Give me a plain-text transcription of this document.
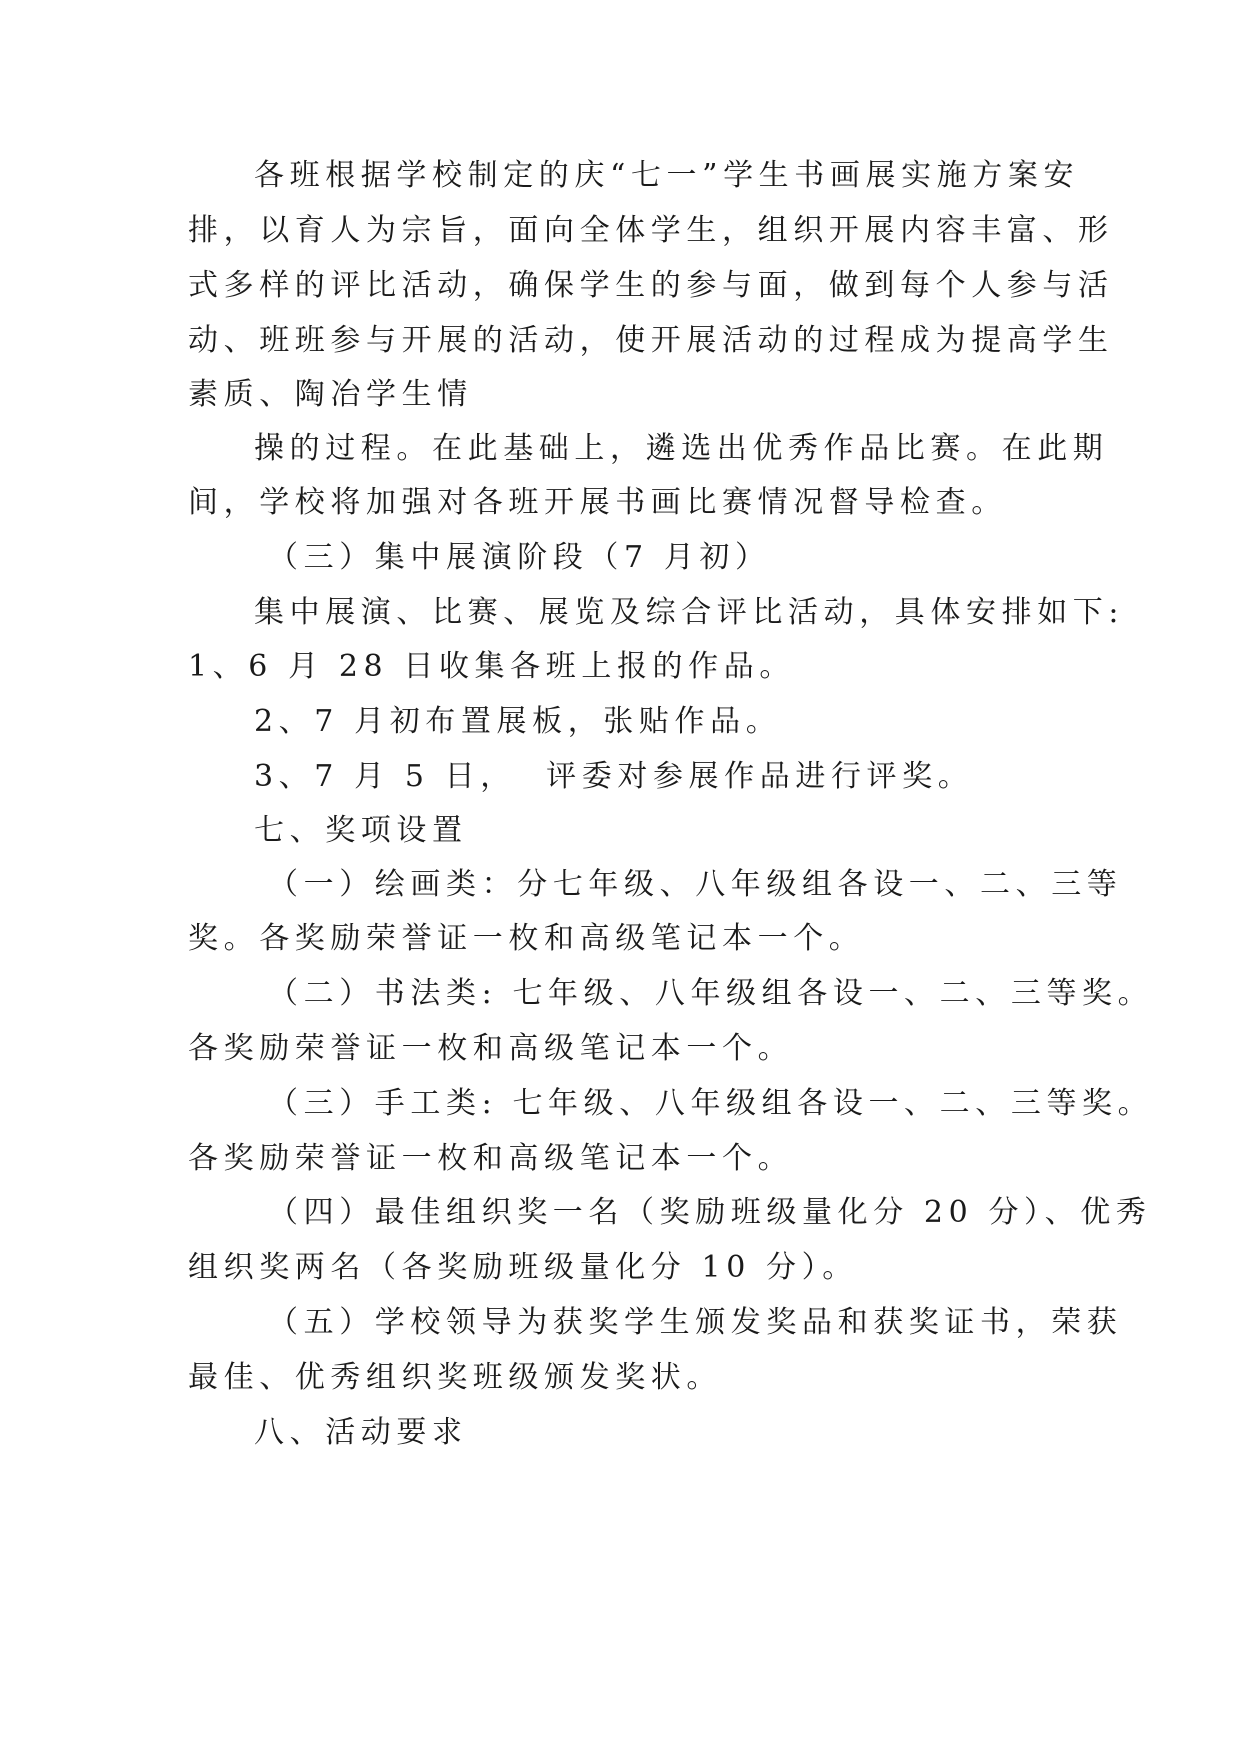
各班根据学校制定的庆“七一”学生书画展实施方案安
排，以育人为宗旨，面向全体学生，组织开展内容丰富、形
式多样的评比活动，确保学生的参与面，做到每个人参与活
动、班班参与开展的活动，使开展活动的过程成为提高学生
素质、陶冶学生情
操的过程。在此基础上，遴选出优秀作品比赛。在此期
间，学校将加强对各班开展书画比赛情况督导检查。
（三）集中展演阶段（7 月初）
集中展演、比赛、展览及综合评比活动，具体安排如下:
1、6 月 28 日收集各班上报的作品。
2、7 月初布置展板，张贴作品。
3、7 月 5 日，  评委对参展作品进行评奖。
七、奖项设置
（一）绘画类：分七年级、八年级组各设一、二、三等
奖。各奖励荣誉证一枚和高级笔记本一个。
（二）书法类: 七年级、八年级组各设一、二、三等奖。
各奖励荣誉证一枚和高级笔记本一个。
（三）手工类: 七年级、八年级组各设一、二、三等奖。
各奖励荣誉证一枚和高级笔记本一个。
（四）最佳组织奖一名（奖励班级量化分 20 分）、优秀
组织奖两名（各奖励班级量化分 10 分）。
（五）学校领导为获奖学生颁发奖品和获奖证书，荣获
最佳、优秀组织奖班级颁发奖状。
八、活动要求
